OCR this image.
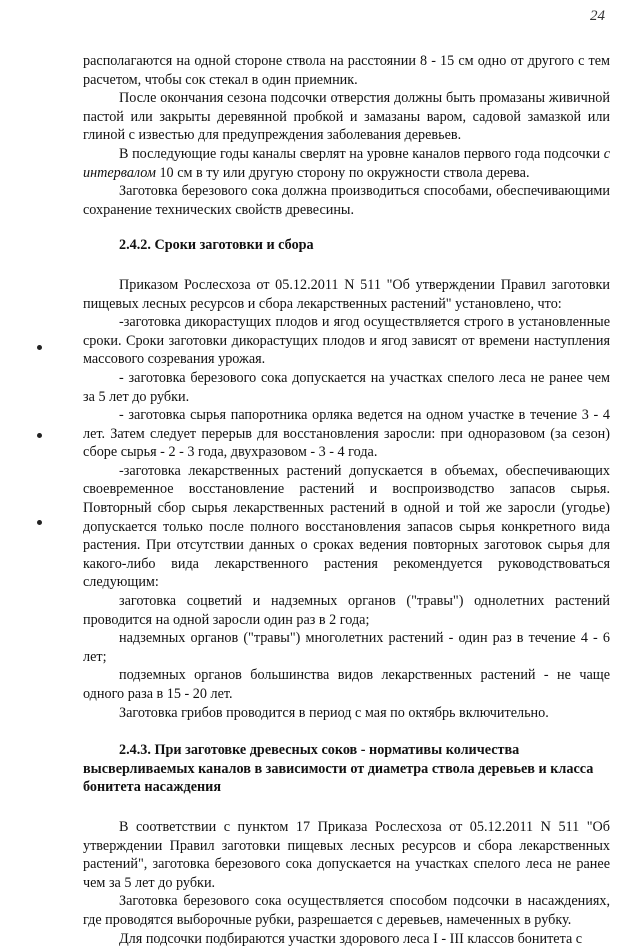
24

располагаются на одной стороне ствола на расстоянии 8 - 15 см одно от другого с тем расчетом, чтобы сок стекал в один приемник.

После окончания сезона подсочки отверстия должны быть промазаны живичной пастой или закрыты деревянной пробкой и замазаны варом, садовой замазкой или глиной с известью для предупреждения заболевания деревьев.

В последующие годы каналы сверлят на уровне каналов первого года подсочки с интервалом 10 см в ту или другую сторону по окружности ствола дерева.

Заготовка березового сока должна производиться способами, обеспечивающими сохранение технических свойств древесины.

2.4.2. Сроки заготовки и сбора

Приказом Рослесхоза от 05.12.2011 N 511 "Об утверждении Правил заготовки пищевых лесных ресурсов и сбора лекарственных растений" установлено, что:

-заготовка дикорастущих плодов и ягод осуществляется строго в установленные сроки. Сроки заготовки дикорастущих плодов и ягод зависят от времени наступления массового созревания урожая.

- заготовка березового сока допускается на участках спелого леса не ранее чем за 5 лет до рубки.

- заготовка сырья папоротника орляка ведется на одном участке в течение 3 - 4 лет. Затем следует перерыв для восстановления заросли: при одноразовом (за сезон) сборе сырья - 2 - 3 года, двухразовом - 3 - 4 года.

-заготовка лекарственных растений допускается в объемах, обеспечивающих своевременное восстановление растений и воспроизводство запасов сырья. Повторный сбор сырья лекарственных растений в одной и той же заросли (угодье) допускается только после полного восстановления запасов сырья конкретного вида растения. При отсутствии данных о сроках ведения повторных заготовок сырья для какого-либо вида лекарственного растения рекомендуется руководствоваться следующим:

заготовка соцветий и надземных органов ("травы") однолетних растений проводится на одной заросли один раз в 2 года;

надземных органов ("травы") многолетних растений - один раз в течение 4 - 6 лет;

подземных органов большинства видов лекарственных растений - не чаще одного раза в 15 - 20 лет.

Заготовка грибов проводится в период с мая по октябрь включительно.

2.4.3. При заготовке древесных соков - нормативы количества высверливаемых каналов в зависимости от диаметра ствола деревьев и класса бонитета насаждения

В соответствии с пунктом 17 Приказа Рослесхоза от 05.12.2011 N 511 "Об утверждении Правил заготовки пищевых лесных ресурсов и сбора лекарственных растений", заготовка березового сока допускается на участках спелого леса не ранее чем за 5 лет до рубки.

Заготовка березового сока осуществляется способом подсочки в насаждениях, где проводятся выборочные рубки, разрешается с деревьев, намеченных в рубку.

Для подсочки подбираются участки здорового леса I - III классов бонитета с
